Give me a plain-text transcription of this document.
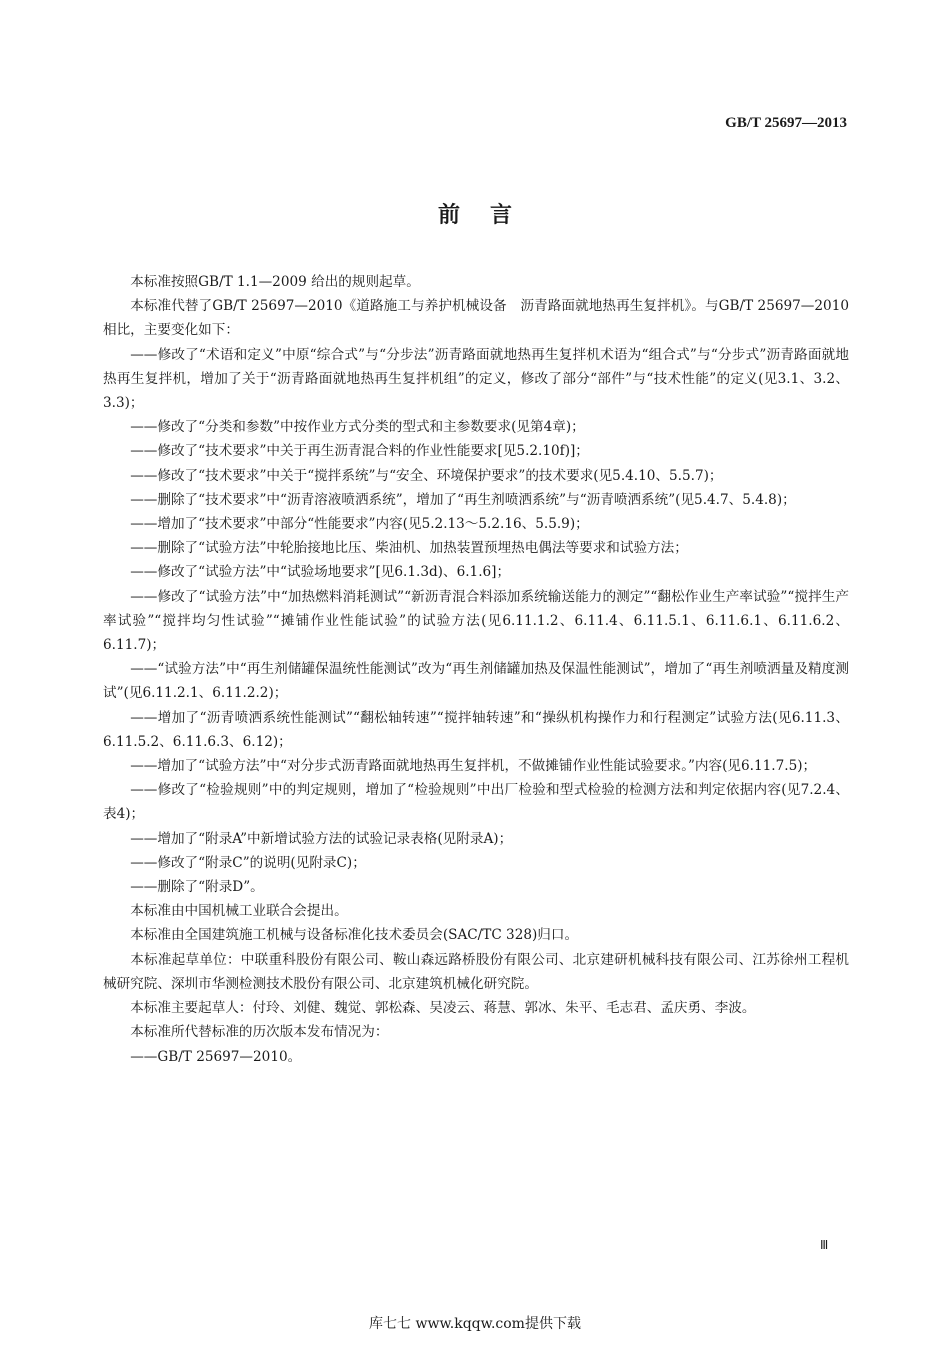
GB/T 25697—2013
前言

本标准按照GB/T 1.1—2009 给出的规则起草。

本标准代替了GB/T 25697—2010《道路施工与养护机械设备　沥青路面就地热再生复拌机》。与GB/T 25697—2010 相比，主要变化如下：

——修改了“术语和定义”中原“综合式”与“分步法”沥青路面就地热再生复拌机术语为“组合式”与“分步式”沥青路面就地热再生复拌机，增加了关于“沥青路面就地热再生复拌机组”的定义，修改了部分“部件”与“技术性能”的定义(见3.1、3.2、3.3)；

——修改了“分类和参数”中按作业方式分类的型式和主参数要求(见第4章)；

——修改了“技术要求”中关于再生沥青混合料的作业性能要求[见5.2.10f)]；

——修改了“技术要求”中关于“搅拌系统”与“安全、环境保护要求”的技术要求(见5.4.10、5.5.7)；

——删除了“技术要求”中“沥青溶液喷洒系统”，增加了“再生剂喷洒系统”与“沥青喷洒系统”(见5.4.7、5.4.8)；

——增加了“技术要求”中部分“性能要求”内容(见5.2.13～5.2.16、5.5.9)；

——删除了“试验方法”中轮胎接地比压、柴油机、加热装置预埋热电偶法等要求和试验方法；

——修改了“试验方法”中“试验场地要求”[见6.1.3d)、6.1.6]；

——修改了“试验方法”中“加热燃料消耗测试”“新沥青混合料添加系统输送能力的测定”“翻松作业生产率试验”“搅拌生产率试验”“搅拌均匀性试验”“摊铺作业性能试验”的试验方法(见6.11.1.2、6.11.4、6.11.5.1、6.11.6.1、6.11.6.2、6.11.7)；

——“试验方法”中“再生剂储罐保温统性能测试”改为“再生剂储罐加热及保温性能测试”，增加了“再生剂喷洒量及精度测试”(见6.11.2.1、6.11.2.2)；

——增加了“沥青喷洒系统性能测试”“翻松轴转速”“搅拌轴转速”和“操纵机构操作力和行程测定”试验方法(见6.11.3、6.11.5.2、6.11.6.3、6.12)；

——增加了“试验方法”中“对分步式沥青路面就地热再生复拌机，不做摊铺作业性能试验要求。”内容(见6.11.7.5)；

——修改了“检验规则”中的判定规则，增加了“检验规则”中出厂检验和型式检验的检测方法和判定依据内容(见7.2.4、表4)；

——增加了“附录A”中新增试验方法的试验记录表格(见附录A)；

——修改了“附录C”的说明(见附录C)；

——删除了“附录D”。

本标准由中国机械工业联合会提出。

本标准由全国建筑施工机械与设备标准化技术委员会(SAC/TC 328)归口。

本标准起草单位：中联重科股份有限公司、鞍山森远路桥股份有限公司、北京建研机械科技有限公司、江苏徐州工程机械研究院、深圳市华测检测技术股份有限公司、北京建筑机械化研究院。

本标准主要起草人：付玲、刘健、魏觉、郭松森、吴凌云、蒋慧、郭冰、朱平、毛志君、孟庆勇、李波。

本标准所代替标准的历次版本发布情况为：

——GB/T 25697—2010。

Ⅲ
库七七 www.kqqw.com提供下载
